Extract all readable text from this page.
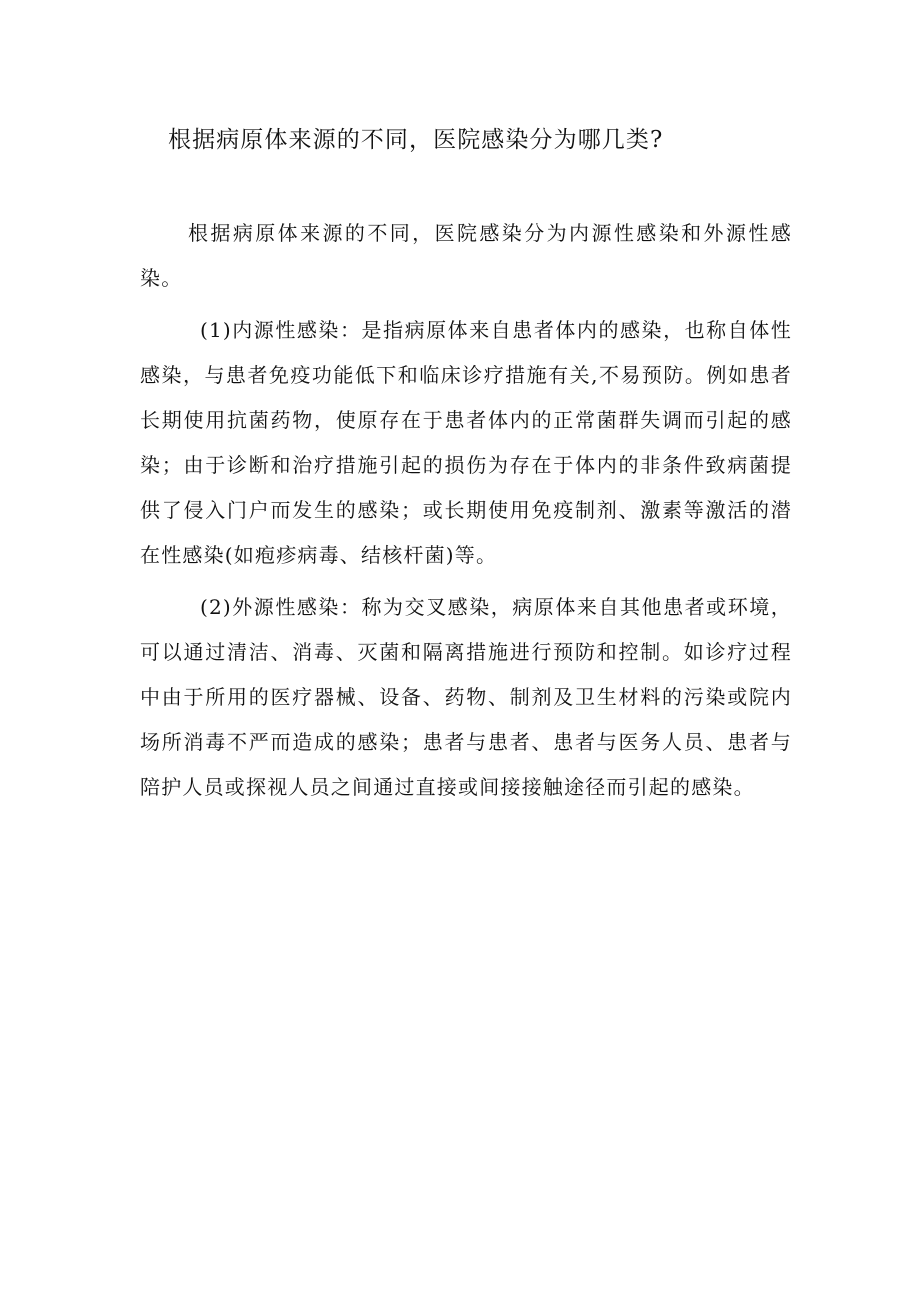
根据病原体来源的不同，医院感染分为哪几类?

根据病原体来源的不同，医院感染分为内源性感染和外源性感染。

(1)内源性感染：是指病原体来自患者体内的感染，也称自体性感染，与患者免疫功能低下和临床诊疗措施有关,不易预防。例如患者长期使用抗菌药物，使原存在于患者体内的正常菌群失调而引起的感染；由于诊断和治疗措施引起的损伤为存在于体内的非条件致病菌提供了侵入门户而发生的感染；或长期使用免疫制剂、激素等激活的潜在性感染(如疱疹病毒、结核杆菌)等。

(2)外源性感染：称为交叉感染，病原体来自其他患者或环境，可以通过清洁、消毒、灭菌和隔离措施进行预防和控制。如诊疗过程中由于所用的医疗器械、设备、药物、制剂及卫生材料的污染或院内场所消毒不严而造成的感染；患者与患者、患者与医务人员、患者与陪护人员或探视人员之间通过直接或间接接触途径而引起的感染。
